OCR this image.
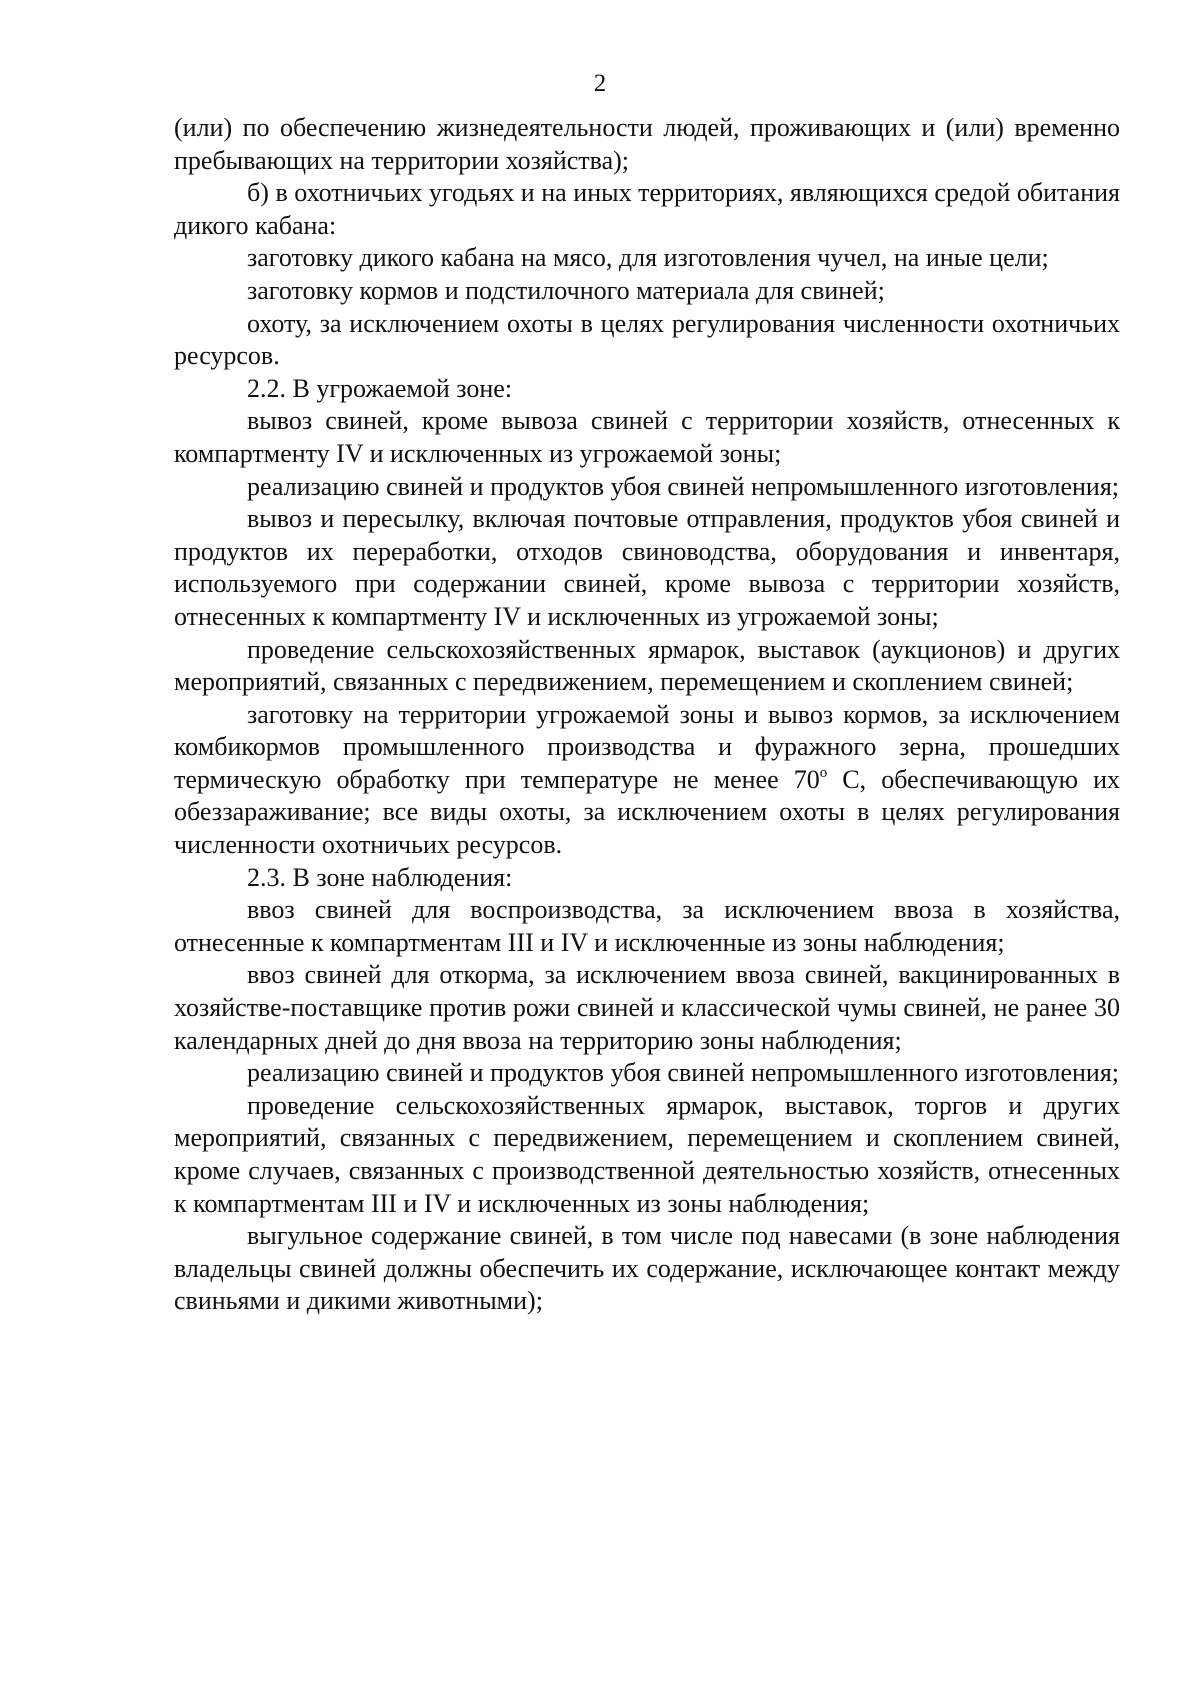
2

(или) по обеспечению жизнедеятельности людей, проживающих и (или) временно пребывающих на территории хозяйства);

б) в охотничьих угодьях и на иных территориях, являющихся средой обитания дикого кабана:

заготовку дикого кабана на мясо, для изготовления чучел, на иные цели;

заготовку кормов и подстилочного материала для свиней;

охоту, за исключением охоты в целях регулирования численности охотничьих ресурсов.

2.2. В угрожаемой зоне:

вывоз свиней, кроме вывоза свиней с территории хозяйств, отнесенных к компартменту IV и исключенных из угрожаемой зоны;

реализацию свиней и продуктов убоя свиней непромышленного изготовления;

вывоз и пересылку, включая почтовые отправления, продуктов убоя свиней и продуктов их переработки, отходов свиноводства, оборудования и инвентаря, используемого при содержании свиней, кроме вывоза с территории хозяйств, отнесенных к компартменту IV и исключенных из угрожаемой зоны;

проведение сельскохозяйственных ярмарок, выставок (аукционов) и других мероприятий, связанных с передвижением, перемещением и скоплением свиней;

заготовку на территории угрожаемой зоны и вывоз кормов, за исключением комбикормов промышленного производства и фуражного зерна, прошедших термическую обработку при температуре не менее $70^о$ С, обеспечивающую их обеззараживание; все виды охоты, за исключением охоты в целях регулирования численности охотничьих ресурсов.

2.3. В зоне наблюдения:

ввоз свиней для воспроизводства, за исключением ввоза в хозяйства, отнесенные к компартментам III и IV и исключенные из зоны наблюдения;

ввоз свиней для откорма, за исключением ввоза свиней, вакцинированных в хозяйстве-поставщике против рожи свиней и классической чумы свиней, не ранее 30 календарных дней до дня ввоза на территорию зоны наблюдения;

реализацию свиней и продуктов убоя свиней непромышленного изготовления;

проведение сельскохозяйственных ярмарок, выставок, торгов и других мероприятий, связанных с передвижением, перемещением и скоплением свиней, кроме случаев, связанных с производственной деятельностью хозяйств, отнесенных к компартментам III и IV и исключенных из зоны наблюдения;

выгульное содержание свиней, в том числе под навесами (в зоне наблюдения владельцы свиней должны обеспечить их содержание, исключающее контакт между свиньями и дикими животными);
